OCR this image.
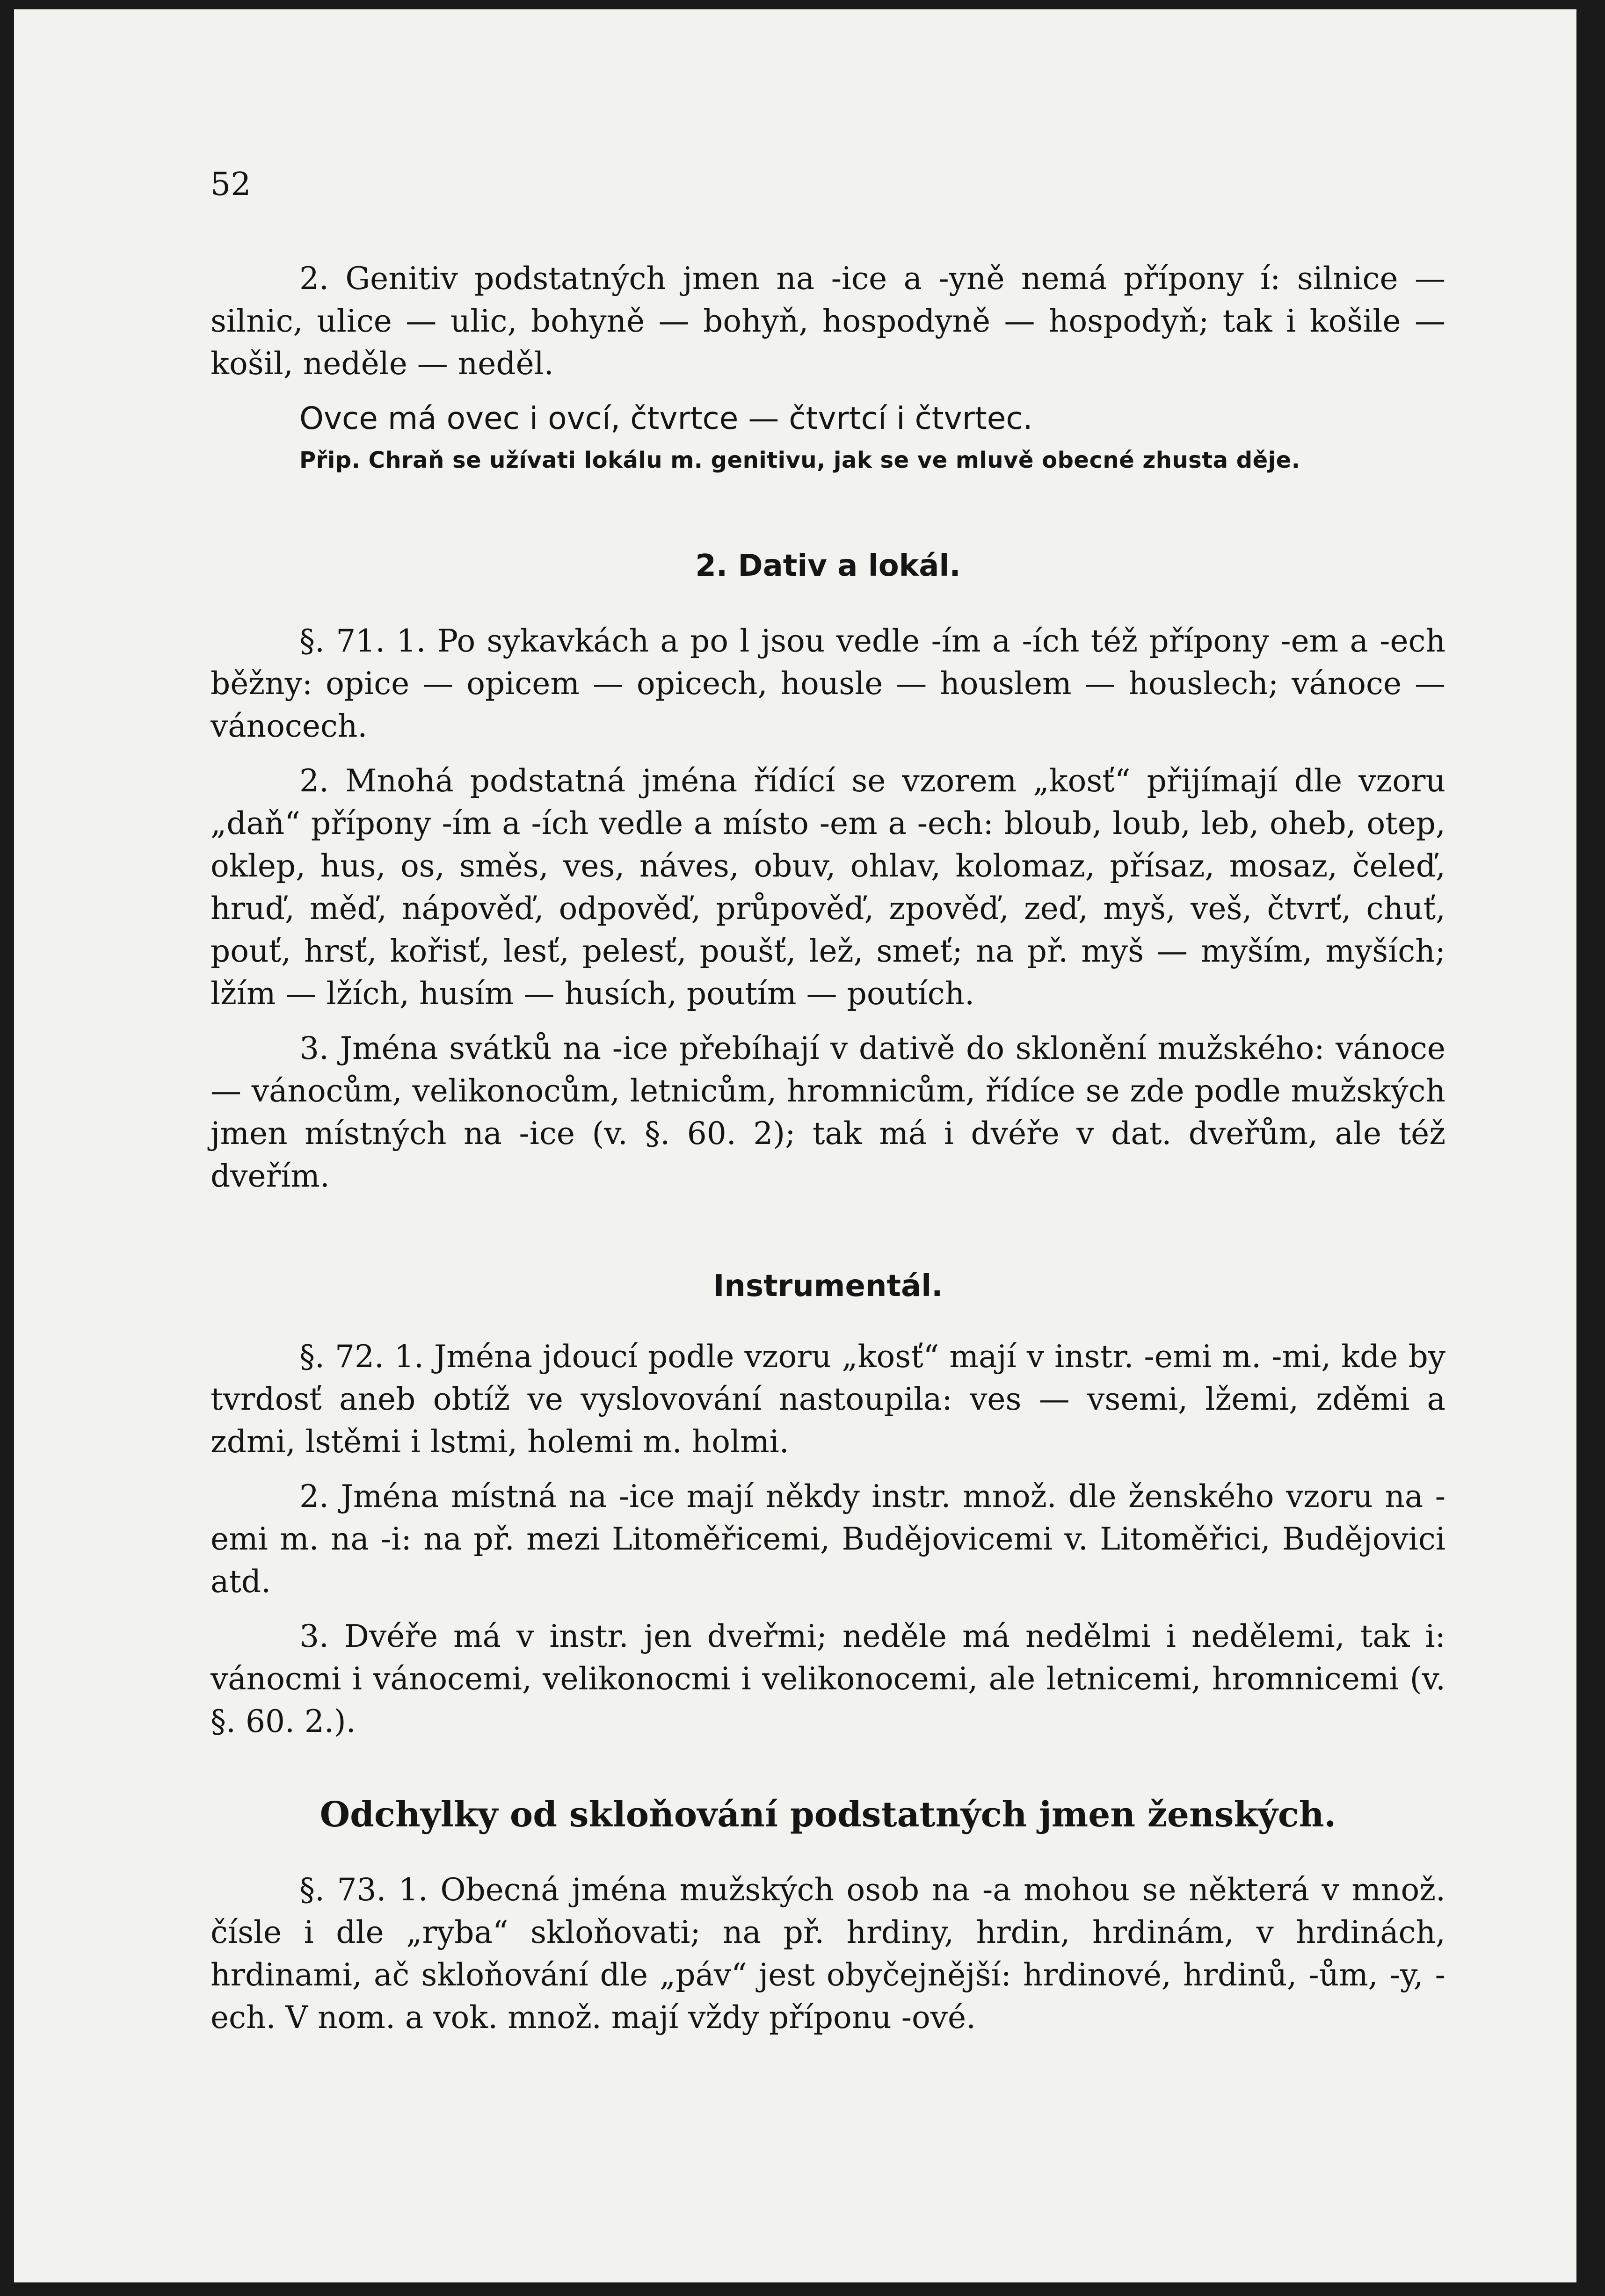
52

2. Genitiv podstatných jmen na -ice a -yně nemá přípony í: silnice — silnic, ulice — ulic, bohyně — bohyň, hospodyně — hospodyň; tak i košile — košil, neděle — neděl.

Ovce má ovec i ovcí, čtvrtce — čtvrtcí i čtvrtec.

Přip. Chraň se užívati lokálu m. genitivu, jak se ve mluvě obecné zhusta děje.

2. Dativ a lokál.

§. 71. 1. Po sykavkách a po l jsou vedle -ím a -ích též přípony -em a -ech běžny: opice — opicem — opicech, housle — houslem — houslech; vánoce — vánocech.

2. Mnohá podstatná jména řídící se vzorem „kosť“ přijímají dle vzoru „daň“ přípony -ím a -ích vedle a místo -em a -ech: bloub, loub, leb, oheb, otep, oklep, hus, os, směs, ves, náves, obuv, ohlav, kolomaz, přísaz, mosaz, čeleď, hruď, měď, nápověď, odpověď, průpověď, zpověď, zeď, myš, veš, čtvrť, chuť, pouť, hrsť, kořisť, lesť, pelesť, poušť, lež, smeť; na př. myš — myším, myších; lžím — lžích, husím — husích, poutím — poutích.

3. Jména svátků na -ice přebíhají v dativě do sklonění mužského: vánoce — vánocům, velikonocům, letnicům, hromnicům, řídíce se zde podle mužských jmen místných na -ice (v. §. 60. 2); tak má i dvéře v dat. dveřům, ale též dveřím.

Instrumentál.

§. 72. 1. Jména jdoucí podle vzoru „kosť“ mají v instr. -emi m. -mi, kde by tvrdosť aneb obtíž ve vyslovování nastoupila: ves — vsemi, lžemi, zděmi a zdmi, lstěmi i lstmi, holemi m. holmi.

2. Jména místná na -ice mají někdy instr. množ. dle ženského vzoru na -emi m. na -i: na př. mezi Litoměřicemi, Budějovicemi v. Litoměřici, Budějovici atd.

3. Dvéře má v instr. jen dveřmi; neděle má nedělmi i nedělemi, tak i: vánocmi i vánocemi, velikonocmi i velikonocemi, ale letnicemi, hromnicemi (v. §. 60. 2.).

Odchylky od skloňování podstatných jmen ženských.

§. 73. 1. Obecná jména mužských osob na -a mohou se některá v množ. čísle i dle „ryba“ skloňovati; na př. hrdiny, hrdin, hrdinám, v hrdinách, hrdinami, ač skloňování dle „páv“ jest obyčejnější: hrdinové, hrdinů, -ům, -y, -ech. V nom. a vok. množ. mají vždy příponu -ové.
